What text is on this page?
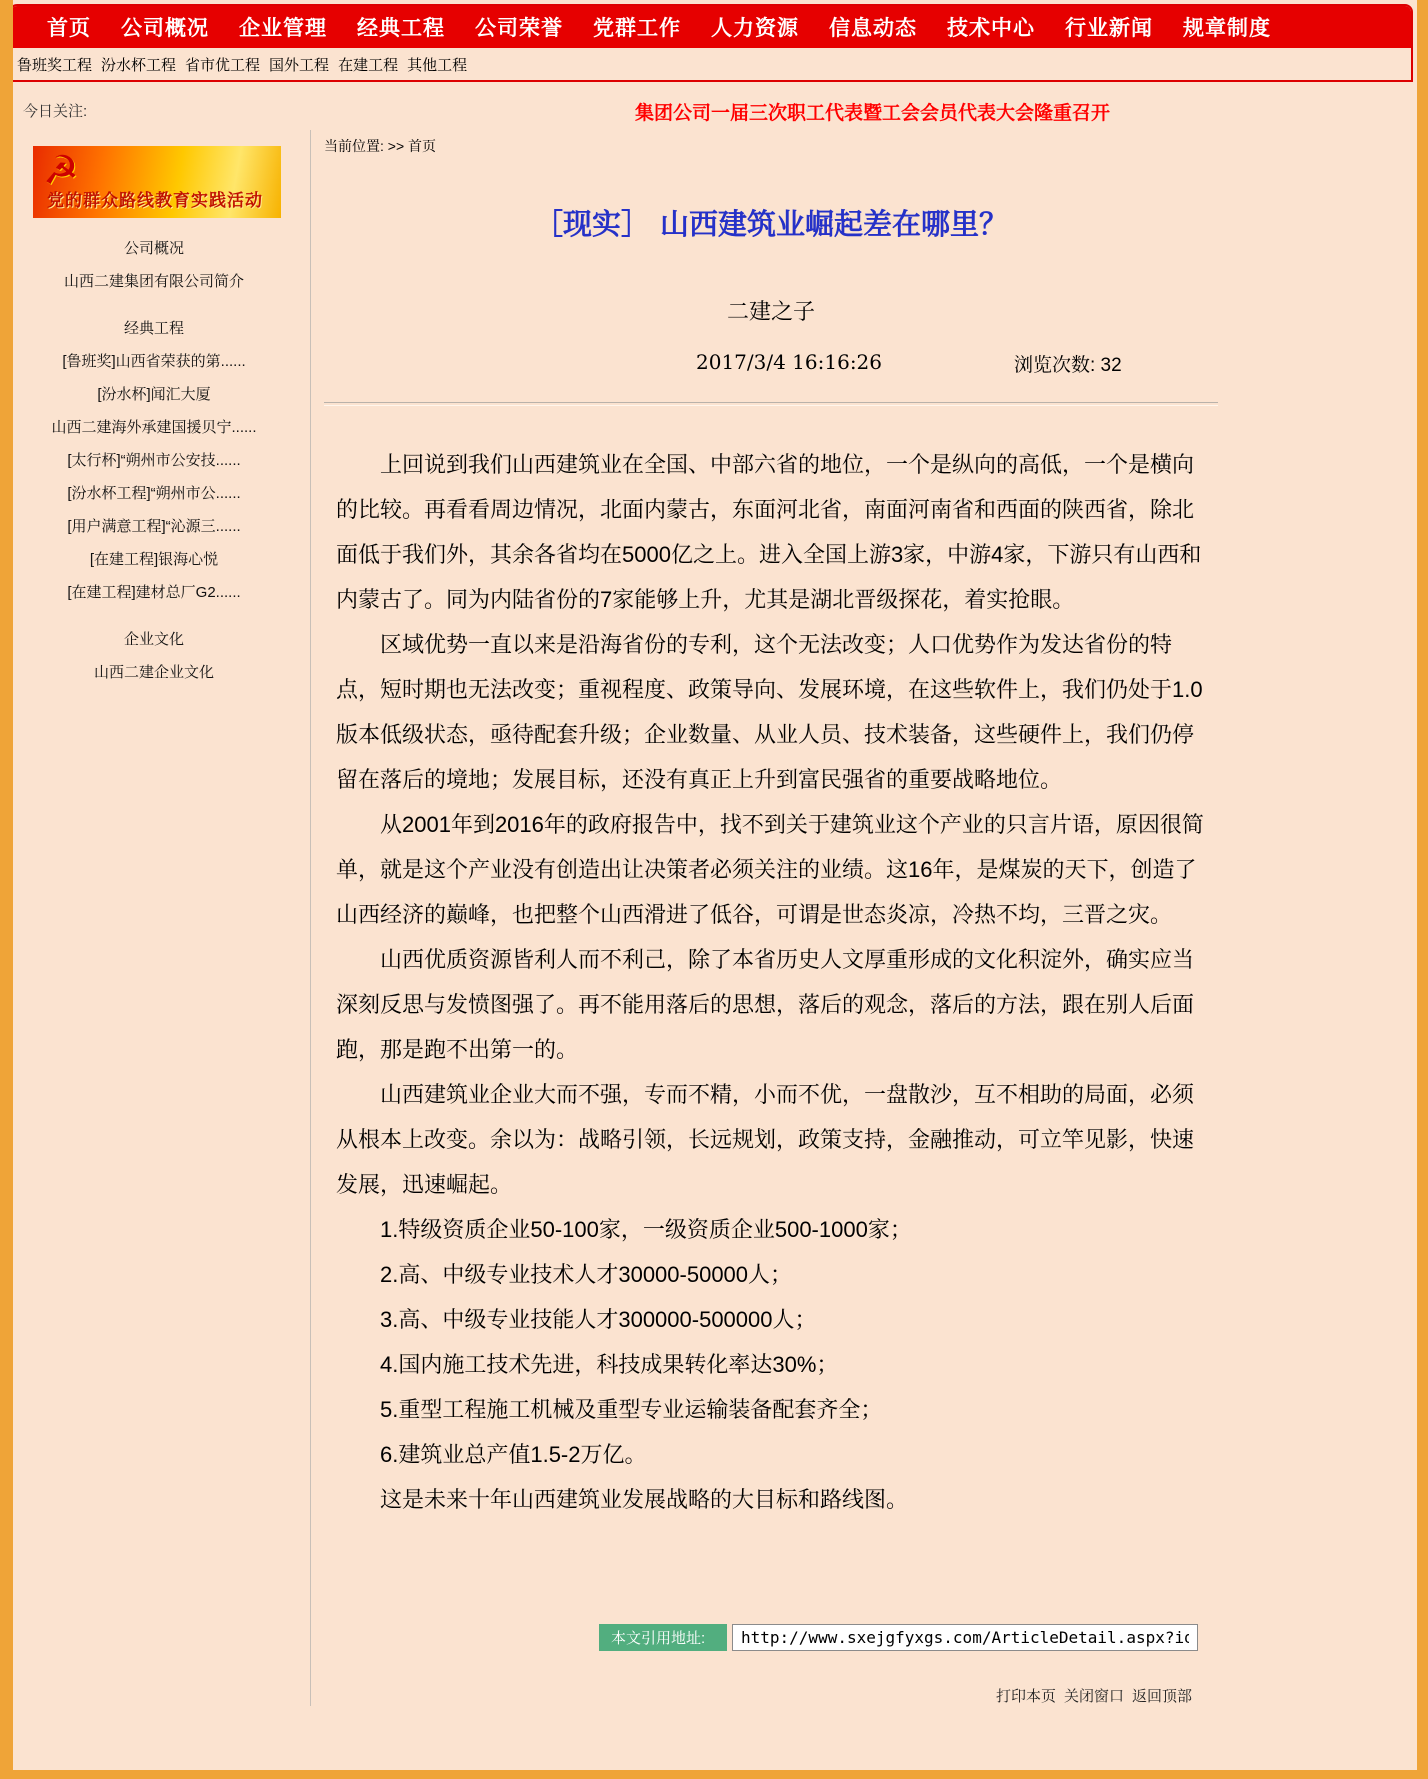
首页 公司概况 企业管理 经典工程 公司荣誉 党群工作 人力资源 信息动态 技术中心 行业新闻 规章制度
鲁班奖工程 汾水杯工程 省市优工程 国外工程 在建工程 其他工程
今日关注:	集团公司一届三次职工代表暨工会会员代表大会隆重召开
☭
党的群众路线教育实践活动
公司概况
山西二建集团有限公司简介
经典工程
[鲁班奖]山西省荣获的第......
[汾水杯]闻汇大厦
山西二建海外承建国援贝宁......
[太行杯]“朔州市公安技......
[汾水杯工程]“朔州市公......
[用户满意工程]“沁源三......
[在建工程]银海心悦
[在建工程]建材总厂G2......
企业文化
山西二建企业文化
当前位置: >> 首页
［现实］ 山西建筑业崛起差在哪里？
二建之子
2017/3/4 16:16:26	浏览次数: 32

上回说到我们山西建筑业在全国、中部六省的地位，一个是纵向的高低，一个是横向的比较。再看看周边情况，北面内蒙古，东面河北省，南面河南省和西面的陕西省，除北面低于我们外，其余各省均在5000亿之上。进入全国上游3家，中游4家，下游只有山西和内蒙古了。同为内陆省份的7家能够上升，尤其是湖北晋级探花，着实抢眼。

区域优势一直以来是沿海省份的专利，这个无法改变；人口优势作为发达省份的特点，短时期也无法改变；重视程度、政策导向、发展环境，在这些软件上，我们仍处于1.0版本低级状态，亟待配套升级；企业数量、从业人员、技术装备，这些硬件上，我们仍停留在落后的境地；发展目标，还没有真正上升到富民强省的重要战略地位。

从2001年到2016年的政府报告中，找不到关于建筑业这个产业的只言片语，原因很简单，就是这个产业没有创造出让决策者必须关注的业绩。这16年，是煤炭的天下，创造了山西经济的巅峰，也把整个山西滑进了低谷，可谓是世态炎凉，冷热不均，三晋之灾。

山西优质资源皆利人而不利己，除了本省历史人文厚重形成的文化积淀外，确实应当深刻反思与发愤图强了。再不能用落后的思想，落后的观念，落后的方法，跟在别人后面跑，那是跑不出第一的。

山西建筑业企业大而不强，专而不精，小而不优，一盘散沙，互不相助的局面，必须从根本上改变。余以为：战略引领，长远规划，政策支持，金融推动，可立竿见影，快速发展，迅速崛起。

1.特级资质企业50-100家，一级资质企业500-1000家；

2.高、中级专业技术人才30000-50000人；

3.高、中级专业技能人才300000-500000人；

4.国内施工技术先进，科技成果转化率达30%；

5.重型工程施工机械及重型专业运输装备配套齐全；

6.建筑业总产值1.5-2万亿。

这是未来十年山西建筑业发展战略的大目标和路线图。

本文引用地址:
http://www.sxejgfyxgs.com/ArticleDetail.aspx?id=61518
打印本页 关闭窗口 返回顶部
